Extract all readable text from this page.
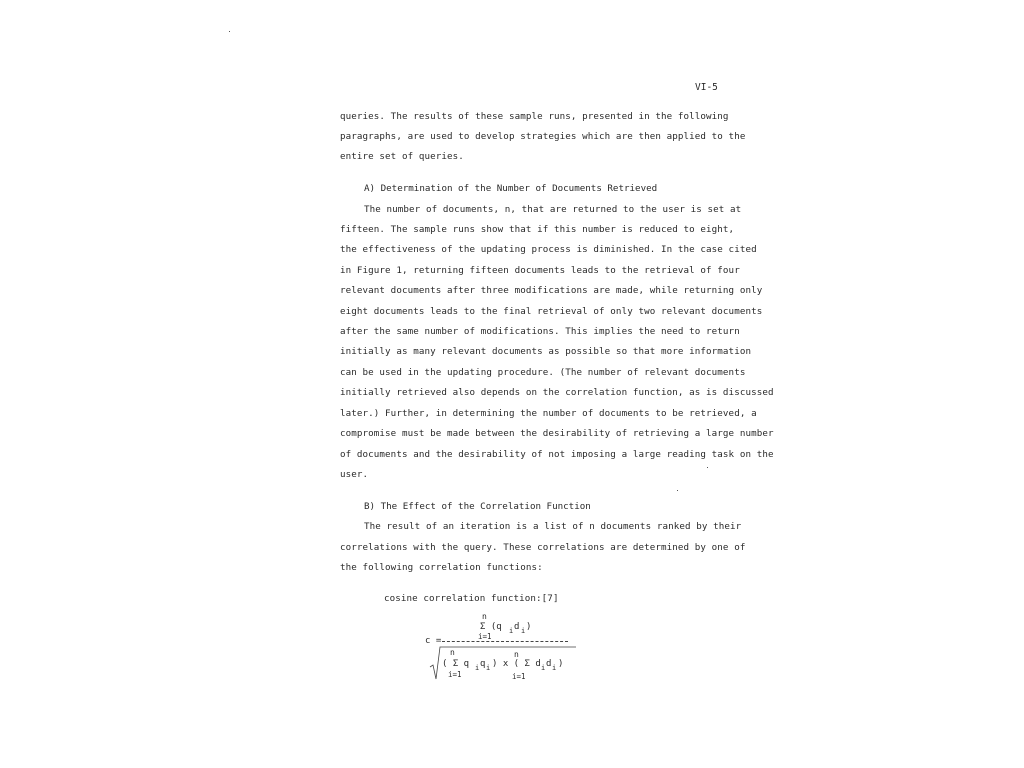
VI-5
queries. The results of these sample runs, presented in the following
paragraphs, are used to develop strategies which are then applied to the
entire set of queries.
A) Determination of the Number of Documents Retrieved
The number of documents, n, that are returned to the user is set at
fifteen. The sample runs show that if this number is reduced to eight,
the effectiveness of the updating process is diminished. In the case cited
in Figure 1, returning fifteen documents leads to the retrieval of four
relevant documents after three modifications are made, while returning only
eight documents leads to the final retrieval of only two relevant documents
after the same number of modifications. This implies the need to return
initially as many relevant documents as possible so that more information
can be used in the updating procedure. (The number of relevant documents
initially retrieved also depends on the correlation function, as is discussed
later.) Further, in determining the number of documents to be retrieved, a
compromise must be made between the desirability of retrieving a large number
of documents and the desirability of not imposing a large reading task on the
user.
B) The Effect of the Correlation Function
The result of an iteration is a list of n documents ranked by their
correlations with the query. These correlations are determined by one of
the following correlation functions:
cosine correlation function:[7]
c =
n
Σ (q i d i )
i=1
n	n
( Σ q i q i ) x ( Σ d i d i )
i=1	i=1
